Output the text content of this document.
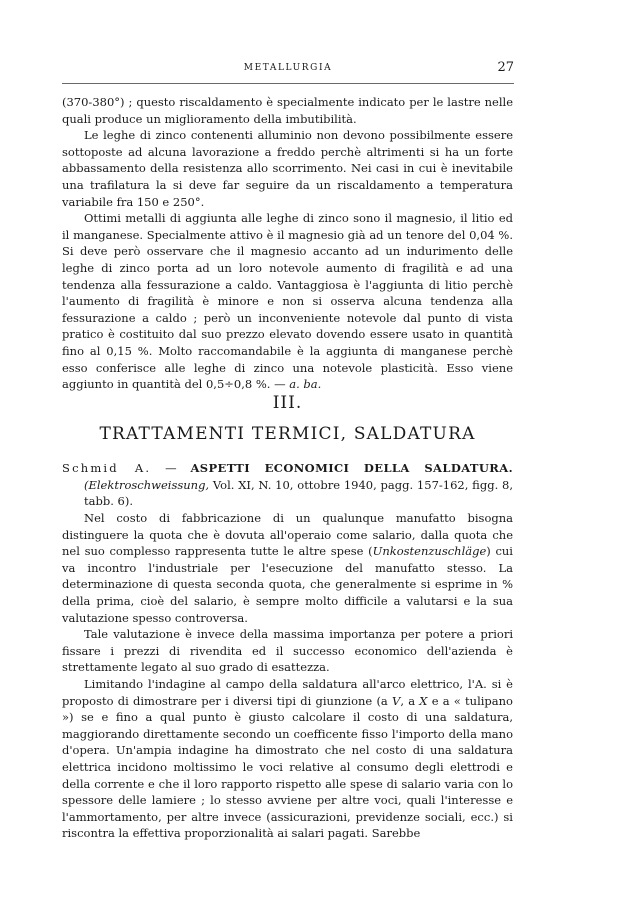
METALLURGIA	27

(370-380°) ; questo riscaldamento è specialmente indicato per le lastre nelle quali produce un miglioramento della imbutibilità.

Le leghe di zinco contenenti alluminio non devono possibilmente essere sottoposte ad alcuna lavorazione a freddo perchè altrimenti si ha un forte abbassamento della resistenza allo scorrimento. Nei casi in cui è inevitabile una trafilatura la si deve far seguire da un riscaldamento a temperatura variabile fra 150 e 250°.

Ottimi metalli di aggiunta alle leghe di zinco sono il magnesio, il litio ed il manganese. Specialmente attivo è il magnesio già ad un tenore del 0,04 %. Si deve però osservare che il magnesio accanto ad un indurimento delle leghe di zinco porta ad un loro notevole aumento di fragilità e ad una tendenza alla fessurazione a caldo. Vantaggiosa è l'aggiunta di litio perchè l'aumento di fragilità è minore e non si osserva alcuna tendenza alla fessurazione a caldo ; però un inconveniente notevole dal punto di vista pratico è costituito dal suo prezzo elevato dovendo essere usato in quantità fino al 0,15 %. Molto raccomandabile è la aggiunta di manganese perchè esso conferisce alle leghe di zinco una notevole plasticità. Esso viene aggiunto in quantità del 0,5÷0,8 %. — a. ba.

III.
TRATTAMENTI TERMICI, SALDATURA

Schmid A. — ASPETTI ECONOMICI DELLA SALDATURA. (Elektroschweissung, Vol. XI, N. 10, ottobre 1940, pagg. 157-162, figg. 8, tabb. 6).

Nel costo di fabbricazione di un qualunque manufatto bisogna distinguere la quota che è dovuta all'operaio come salario, dalla quota che nel suo complesso rappresenta tutte le altre spese (Unkostenzuschläge) cui va incontro l'industriale per l'esecuzione del manufatto stesso. La determinazione di questa seconda quota, che generalmente si esprime in % della prima, cioè del salario, è sempre molto difficile a valutarsi e la sua valutazione spesso controversa.

Tale valutazione è invece della massima importanza per potere a priori fissare i prezzi di rivendita ed il successo economico dell'azienda è strettamente legato al suo grado di esattezza.

Limitando l'indagine al campo della saldatura all'arco elettrico, l'A. si è proposto di dimostrare per i diversi tipi di giunzione (a V, a X e a « tulipano ») se e fino a qual punto è giusto calcolare il costo di una saldatura, maggiorando direttamente secondo un coefficente fisso l'importo della mano d'opera. Un'ampia indagine ha dimostrato che nel costo di una saldatura elettrica incidono moltissimo le voci relative al consumo degli elettrodi e della corrente e che il loro rapporto rispetto alle spese di salario varia con lo spessore delle lamiere ; lo stesso avviene per altre voci, quali l'interesse e l'ammortamento, per altre invece (assicurazioni, previdenze sociali, ecc.) si riscontra la effettiva proporzionalità ai salari pagati. Sarebbe
